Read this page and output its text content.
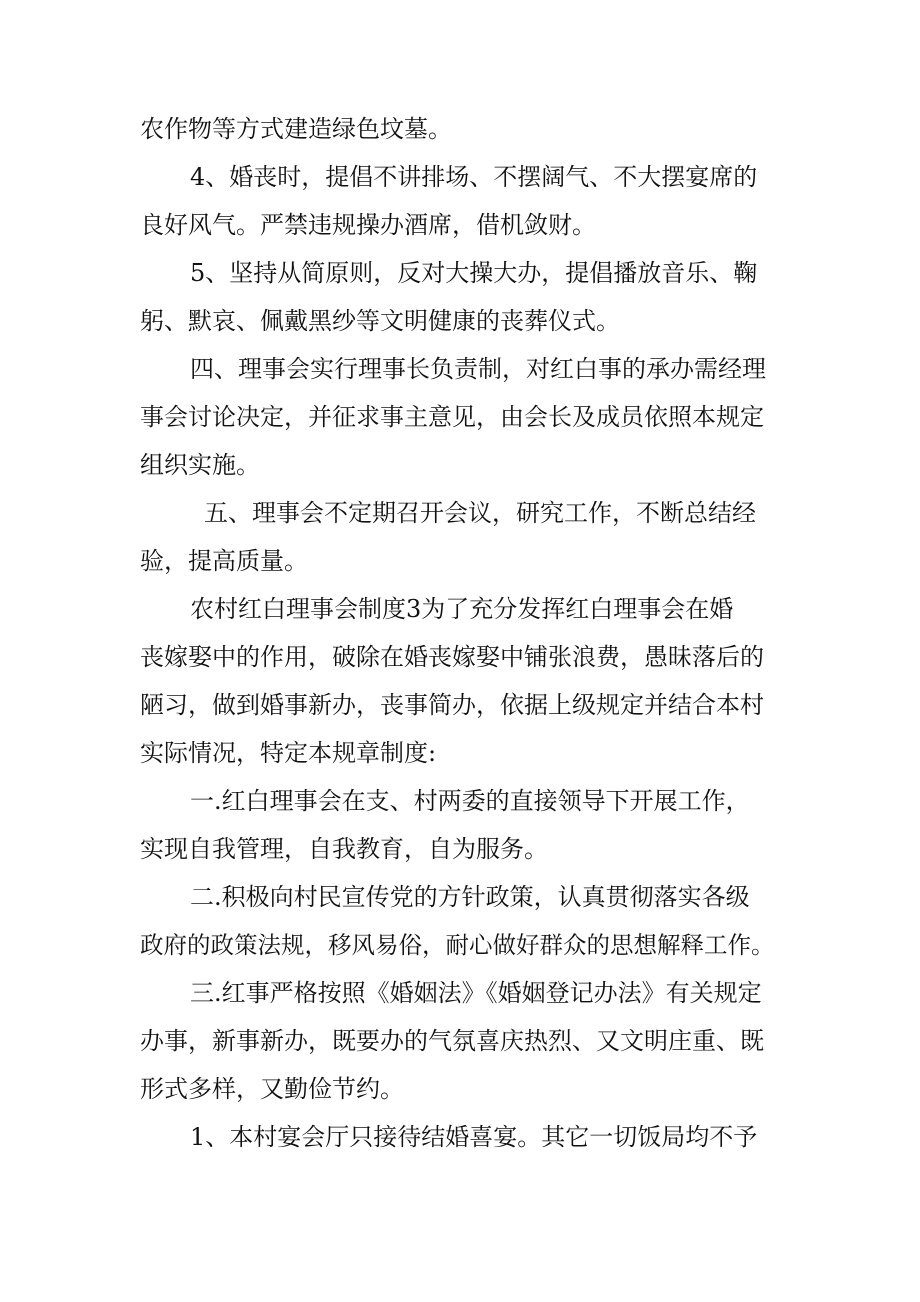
农作物等方式建造绿色坟墓。
4、婚丧时，提倡不讲排场、不摆阔气、不大摆宴席的
良好风气。严禁违规操办酒席，借机敛财。
5、坚持从简原则，反对大操大办，提倡播放音乐、鞠
躬、默哀、佩戴黑纱等文明健康的丧葬仪式。
四、理事会实行理事长负责制，对红白事的承办需经理
事会讨论决定，并征求事主意见，由会长及成员依照本规定
组织实施。
五、理事会不定期召开会议，研究工作，不断总结经
验，提高质量。
农村红白理事会制度3为了充分发挥红白理事会在婚
丧嫁娶中的作用，破除在婚丧嫁娶中铺张浪费，愚昧落后的
陋习，做到婚事新办，丧事简办，依据上级规定并结合本村
实际情况，特定本规章制度:
一.红白理事会在支、村两委的直接领导下开展工作，
实现自我管理，自我教育，自为服务。
二.积极向村民宣传党的方针政策，认真贯彻落实各级
政府的政策法规，移风易俗，耐心做好群众的思想解释工作。
三.红事严格按照《婚姻法》《婚姻登记办法》有关规定
办事，新事新办，既要办的气氛喜庆热烈、又文明庄重、既
形式多样，又勤俭节约。
1、本村宴会厅只接待结婚喜宴。其它一切饭局均不予
